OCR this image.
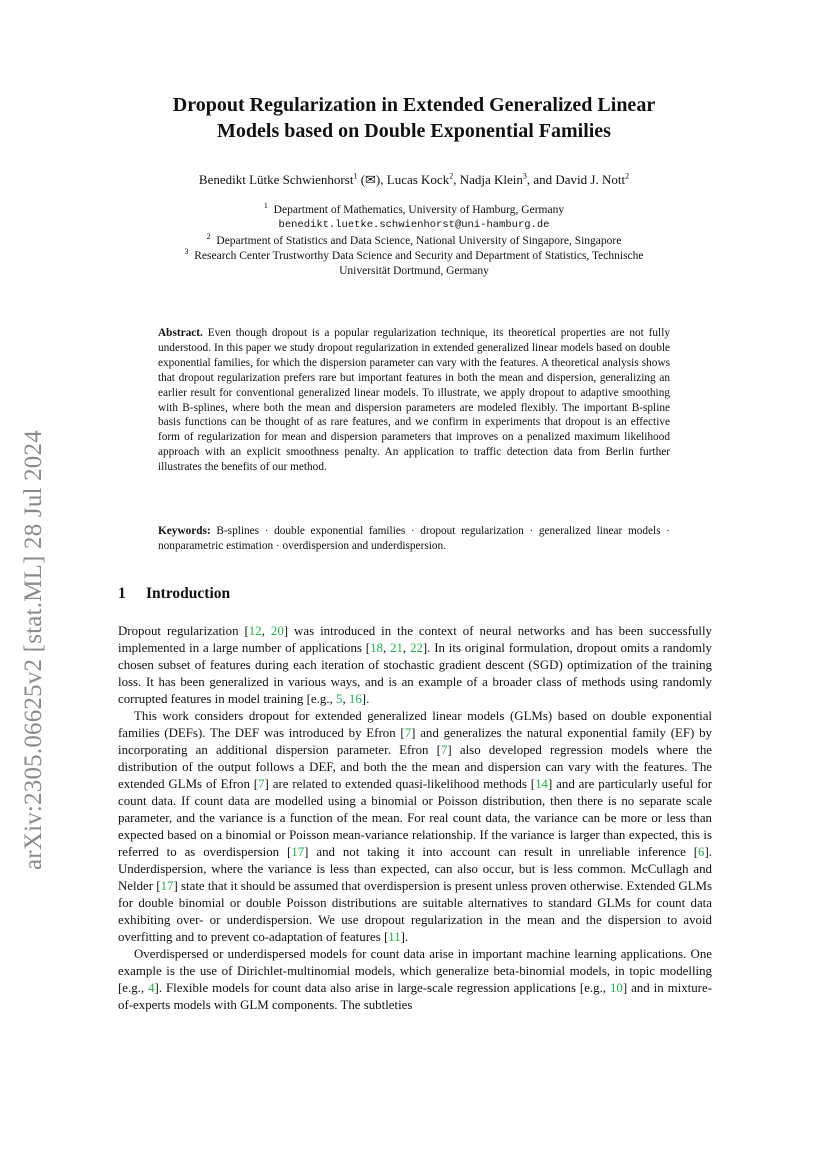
arXiv:2305.06625v2 [stat.ML] 28 Jul 2024
Dropout Regularization in Extended Generalized Linear
Models based on Double Exponential Families
Benedikt Lütke Schwienhorst$^1$ (✉), Lucas Kock$^2$, Nadja Klein$^3$, and David J. Nott$^2$
$^1$ Department of Mathematics, University of Hamburg, Germany
benedikt.luetke.schwienhorst@uni-hamburg.de
$^2$ Department of Statistics and Data Science, National University of Singapore, Singapore
$^3$ Research Center Trustworthy Data Science and Security and Department of Statistics, Technische
Universität Dortmund, Germany
Abstract. Even though dropout is a popular regularization technique, its theoretical properties are not fully understood. In this paper we study dropout regularization in extended generalized linear models based on double exponential families, for which the dispersion parameter can vary with the features. A theoretical analysis shows that dropout regularization prefers rare but important features in both the mean and dispersion, generalizing an earlier result for conventional generalized linear models. To illustrate, we apply dropout to adaptive smoothing with B-splines, where both the mean and dispersion parameters are modeled flexibly. The important B-spline basis functions can be thought of as rare features, and we confirm in experiments that dropout is an effective form of regularization for mean and dispersion parameters that improves on a penalized maximum likelihood approach with an explicit smoothness penalty. An application to traffic detection data from Berlin further illustrates the benefits of our method.
Keywords: B-splines · double exponential families · dropout regularization · generalized linear models · nonparametric estimation · overdispersion and underdispersion.
1 Introduction

Dropout regularization [12, 20] was introduced in the context of neural networks and has been successfully implemented in a large number of applications [18, 21, 22]. In its original formulation, dropout omits a randomly chosen subset of features during each iteration of stochastic gradient descent (SGD) optimization of the training loss. It has been generalized in various ways, and is an example of a broader class of methods using randomly corrupted features in model training [e.g., 5, 16].

This work considers dropout for extended generalized linear models (GLMs) based on double exponential families (DEFs). The DEF was introduced by Efron [7] and generalizes the natural exponential family (EF) by incorporating an additional dispersion parameter. Efron [7] also developed regression models where the distribution of the output follows a DEF, and both the the mean and dispersion can vary with the features. The extended GLMs of Efron [7] are related to extended quasi-likelihood methods [14] and are particularly useful for count data. If count data are modelled using a binomial or Poisson distribution, then there is no separate scale parameter, and the variance is a function of the mean. For real count data, the variance can be more or less than expected based on a binomial or Poisson mean-variance relationship. If the variance is larger than expected, this is referred to as overdispersion [17] and not taking it into account can result in unreliable inference [6]. Underdispersion, where the variance is less than expected, can also occur, but is less common. McCullagh and Nelder [17] state that it should be assumed that overdispersion is present unless proven otherwise. Extended GLMs for double binomial or double Poisson distributions are suitable alternatives to standard GLMs for count data exhibiting over- or underdispersion. We use dropout regularization in the mean and the dispersion to avoid overfitting and to prevent co-adaptation of features [11].

Overdispersed or underdispersed models for count data arise in important machine learning applications. One example is the use of Dirichlet-multinomial models, which generalize beta-binomial models, in topic modelling [e.g., 4]. Flexible models for count data also arise in large-scale regression applications [e.g., 10] and in mixture-of-experts models with GLM components. The subtleties
